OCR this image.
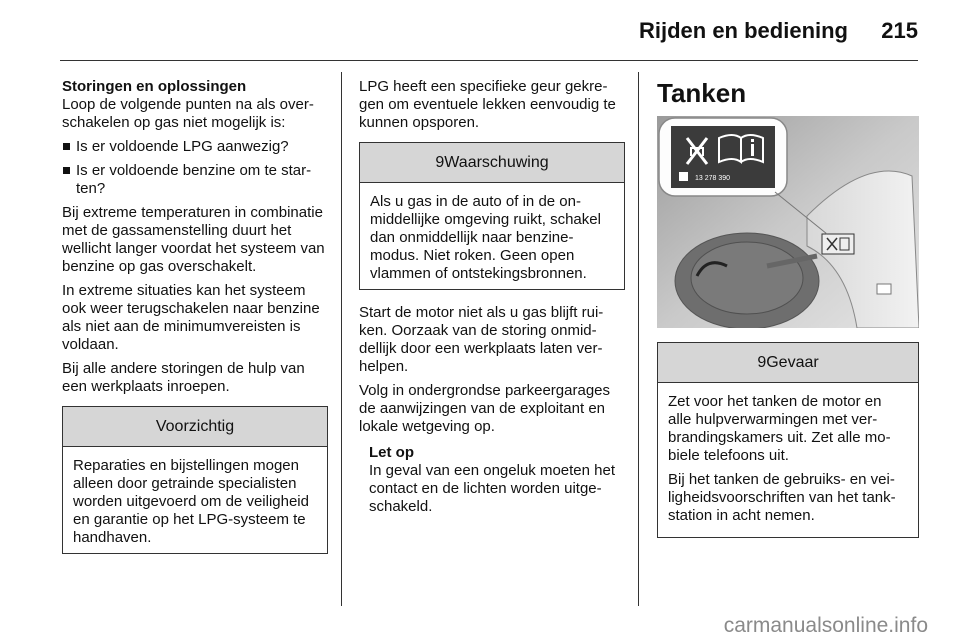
Rijden en bediening 215

Storingen en oplossingen

Loop de volgende punten na als overschakelen op gas niet mogelijk is:

Is er voldoende LPG aanwezig?
Is er voldoende benzine om te starten?

Bij extreme temperaturen in combinatie met de gassamenstelling duurt het wellicht langer voordat het systeem van benzine op gas overschakelt.

In extreme situaties kan het systeem ook weer terugschakelen naar benzine als niet aan de minimumvereisten is voldaan.

Bij alle andere storingen de hulp van een werkplaats inroepen.

Voorzichtig
Reparaties en bijstellingen mogen alleen door getrainde specialisten worden uitgevoerd om de veiligheid en garantie op het LPG-systeem te handhaven.

LPG heeft een specifieke geur gekregen om eventuele lekken eenvoudig te kunnen opsporen.

9Waarschuwing
Als u gas in de auto of in de onmiddellijke omgeving ruikt, schakel dan onmiddellijk naar benzinemodus. Niet roken. Geen open vlammen of ontstekingsbronnen.

Start de motor niet als u gas blijft ruiken. Oorzaak van de storing onmiddellijk door een werkplaats laten verhelpen.

Volg in ondergrondse parkeergarages de aanwijzingen van de exploitant en lokale wetgeving op.

Let op
In geval van een ongeluk moeten het contact en de lichten worden uitgeschakeld.
Tanken
13 278 390
9Gevaar

Zet voor het tanken de motor en alle hulpverwarmingen met verbrandingskamers uit. Zet alle mobiele telefoons uit.

Bij het tanken de gebruiks- en veiligheidsvoorschriften van het tankstation in acht nemen.

carmanualsonline.info
